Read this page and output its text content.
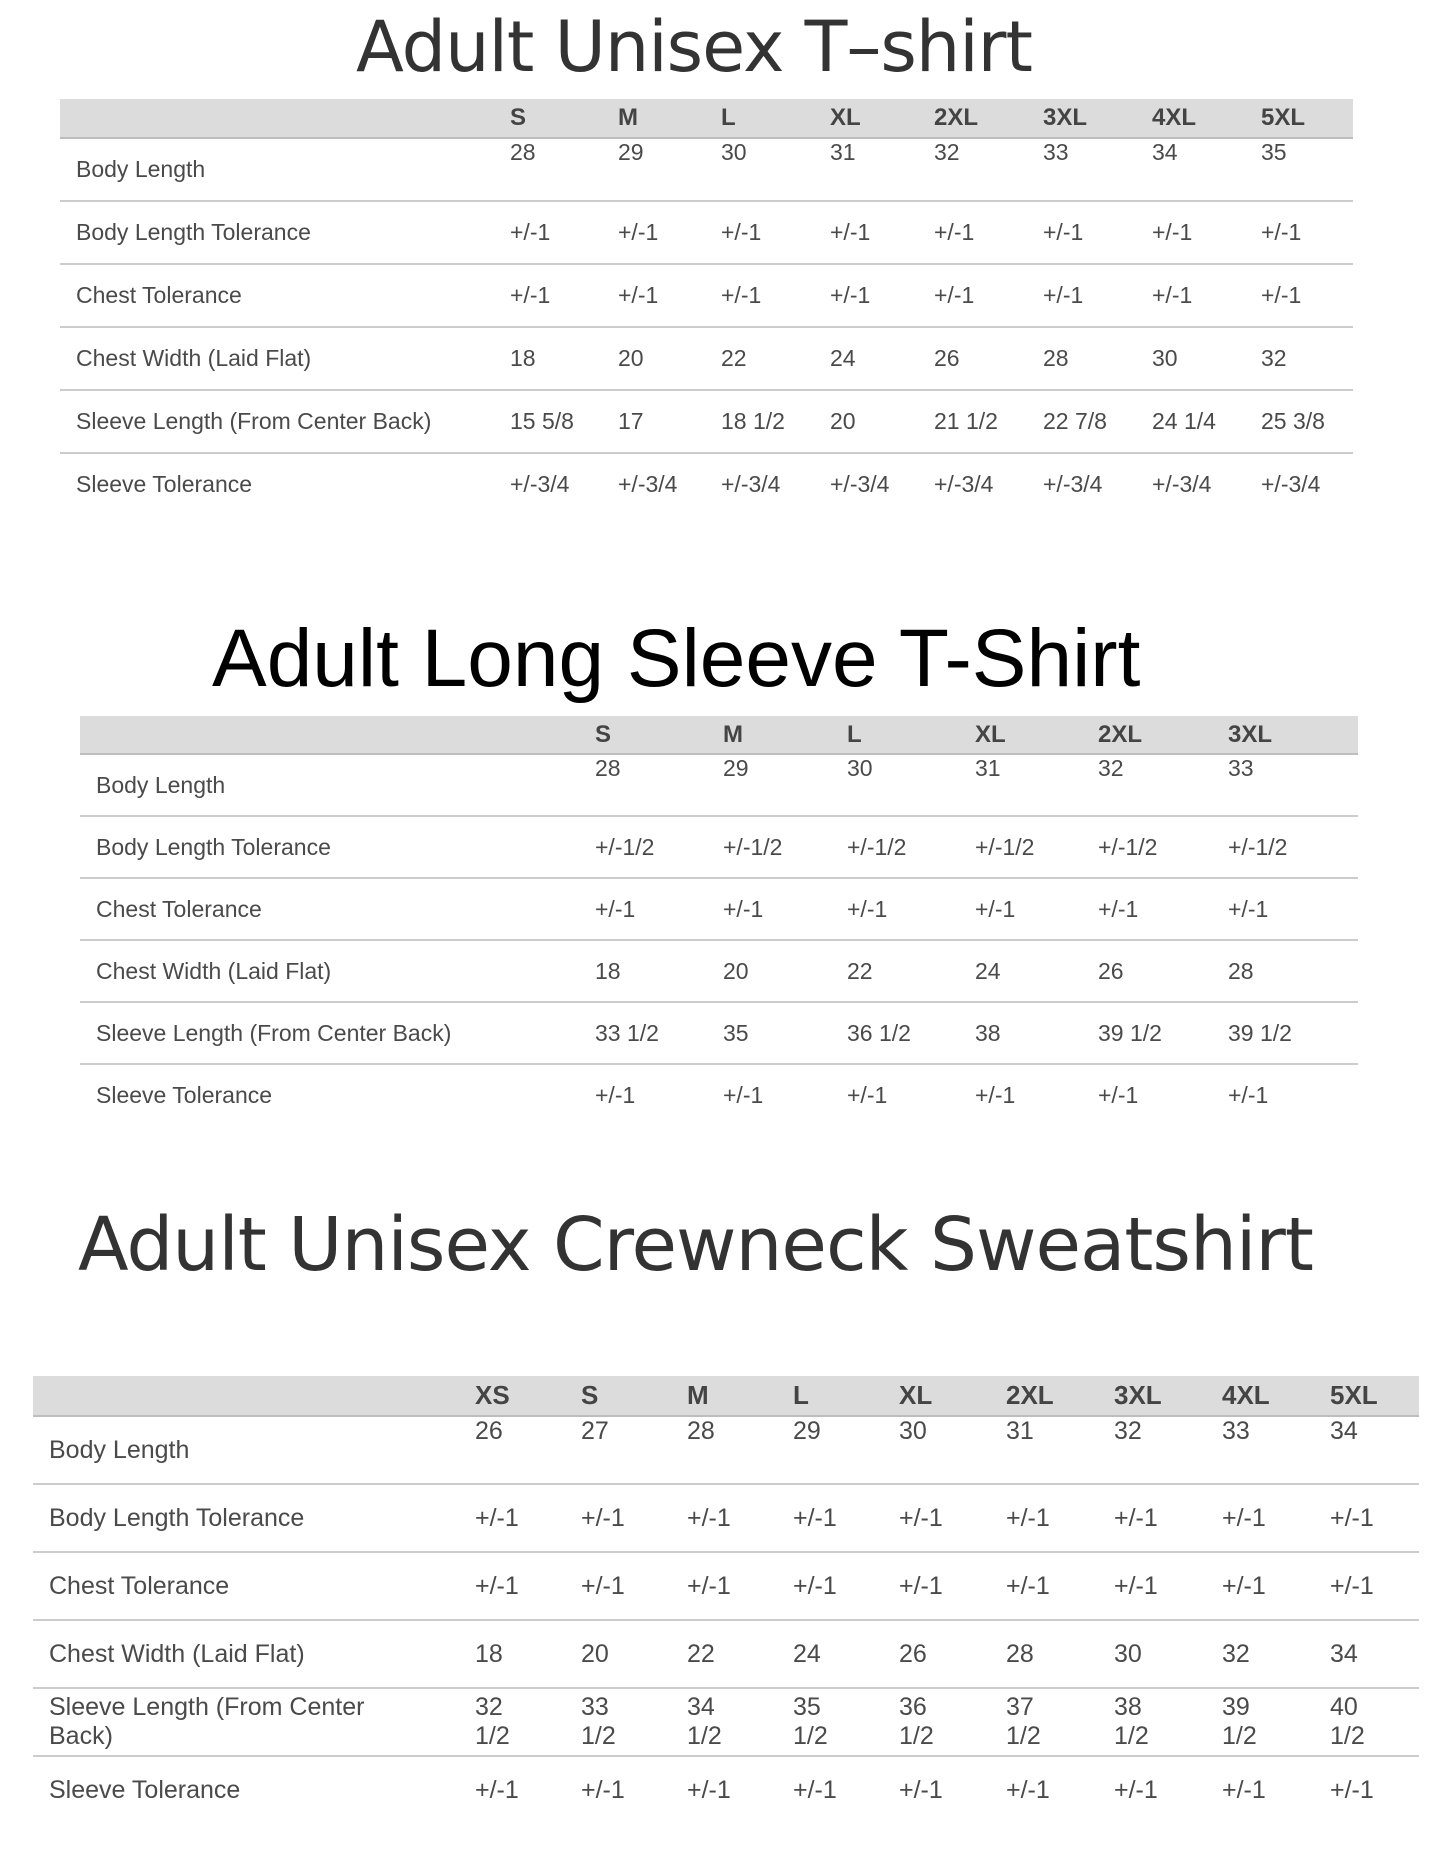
Adult Unisex T–shirt
Adult Long Sleeve T-Shirt
Adult Unisex Crewneck Sweatshirt
	S	M	L	XL	2XL	3XL	4XL	5XL
Body Length	28	29	30	31	32	33	34	35
Body Length Tolerance	+/-1	+/-1	+/-1	+/-1	+/-1	+/-1	+/-1	+/-1
Chest Tolerance	+/-1	+/-1	+/-1	+/-1	+/-1	+/-1	+/-1	+/-1
Chest Width (Laid Flat)	18	20	22	24	26	28	30	32
Sleeve Length (From Center Back)	15 5/8	17	18 1/2	20	21 1/2	22 7/8	24 1/4	25 3/8
Sleeve Tolerance	+/-3/4	+/-3/4	+/-3/4	+/-3/4	+/-3/4	+/-3/4	+/-3/4	+/-3/4
	S	M	L	XL	2XL	3XL
Body Length	28	29	30	31	32	33
Body Length Tolerance	+/-1/2	+/-1/2	+/-1/2	+/-1/2	+/-1/2	+/-1/2
Chest Tolerance	+/-1	+/-1	+/-1	+/-1	+/-1	+/-1
Chest Width (Laid Flat)	18	20	22	24	26	28
Sleeve Length (From Center Back)	33 1/2	35	36 1/2	38	39 1/2	39 1/2
Sleeve Tolerance	+/-1	+/-1	+/-1	+/-1	+/-1	+/-1
	XS	S	M	L	XL	2XL	3XL	4XL	5XL
Body Length	26	27	28	29	30	31	32	33	34
Body Length Tolerance	+/-1	+/-1	+/-1	+/-1	+/-1	+/-1	+/-1	+/-1	+/-1
Chest Tolerance	+/-1	+/-1	+/-1	+/-1	+/-1	+/-1	+/-1	+/-1	+/-1
Chest Width (Laid Flat)	18	20	22	24	26	28	30	32	34
Sleeve Length (From Center Back)	32 1/2	33 1/2	34 1/2	35 1/2	36 1/2	37 1/2	38 1/2	39 1/2	40 1/2
Sleeve Tolerance	+/-1	+/-1	+/-1	+/-1	+/-1	+/-1	+/-1	+/-1	+/-1
